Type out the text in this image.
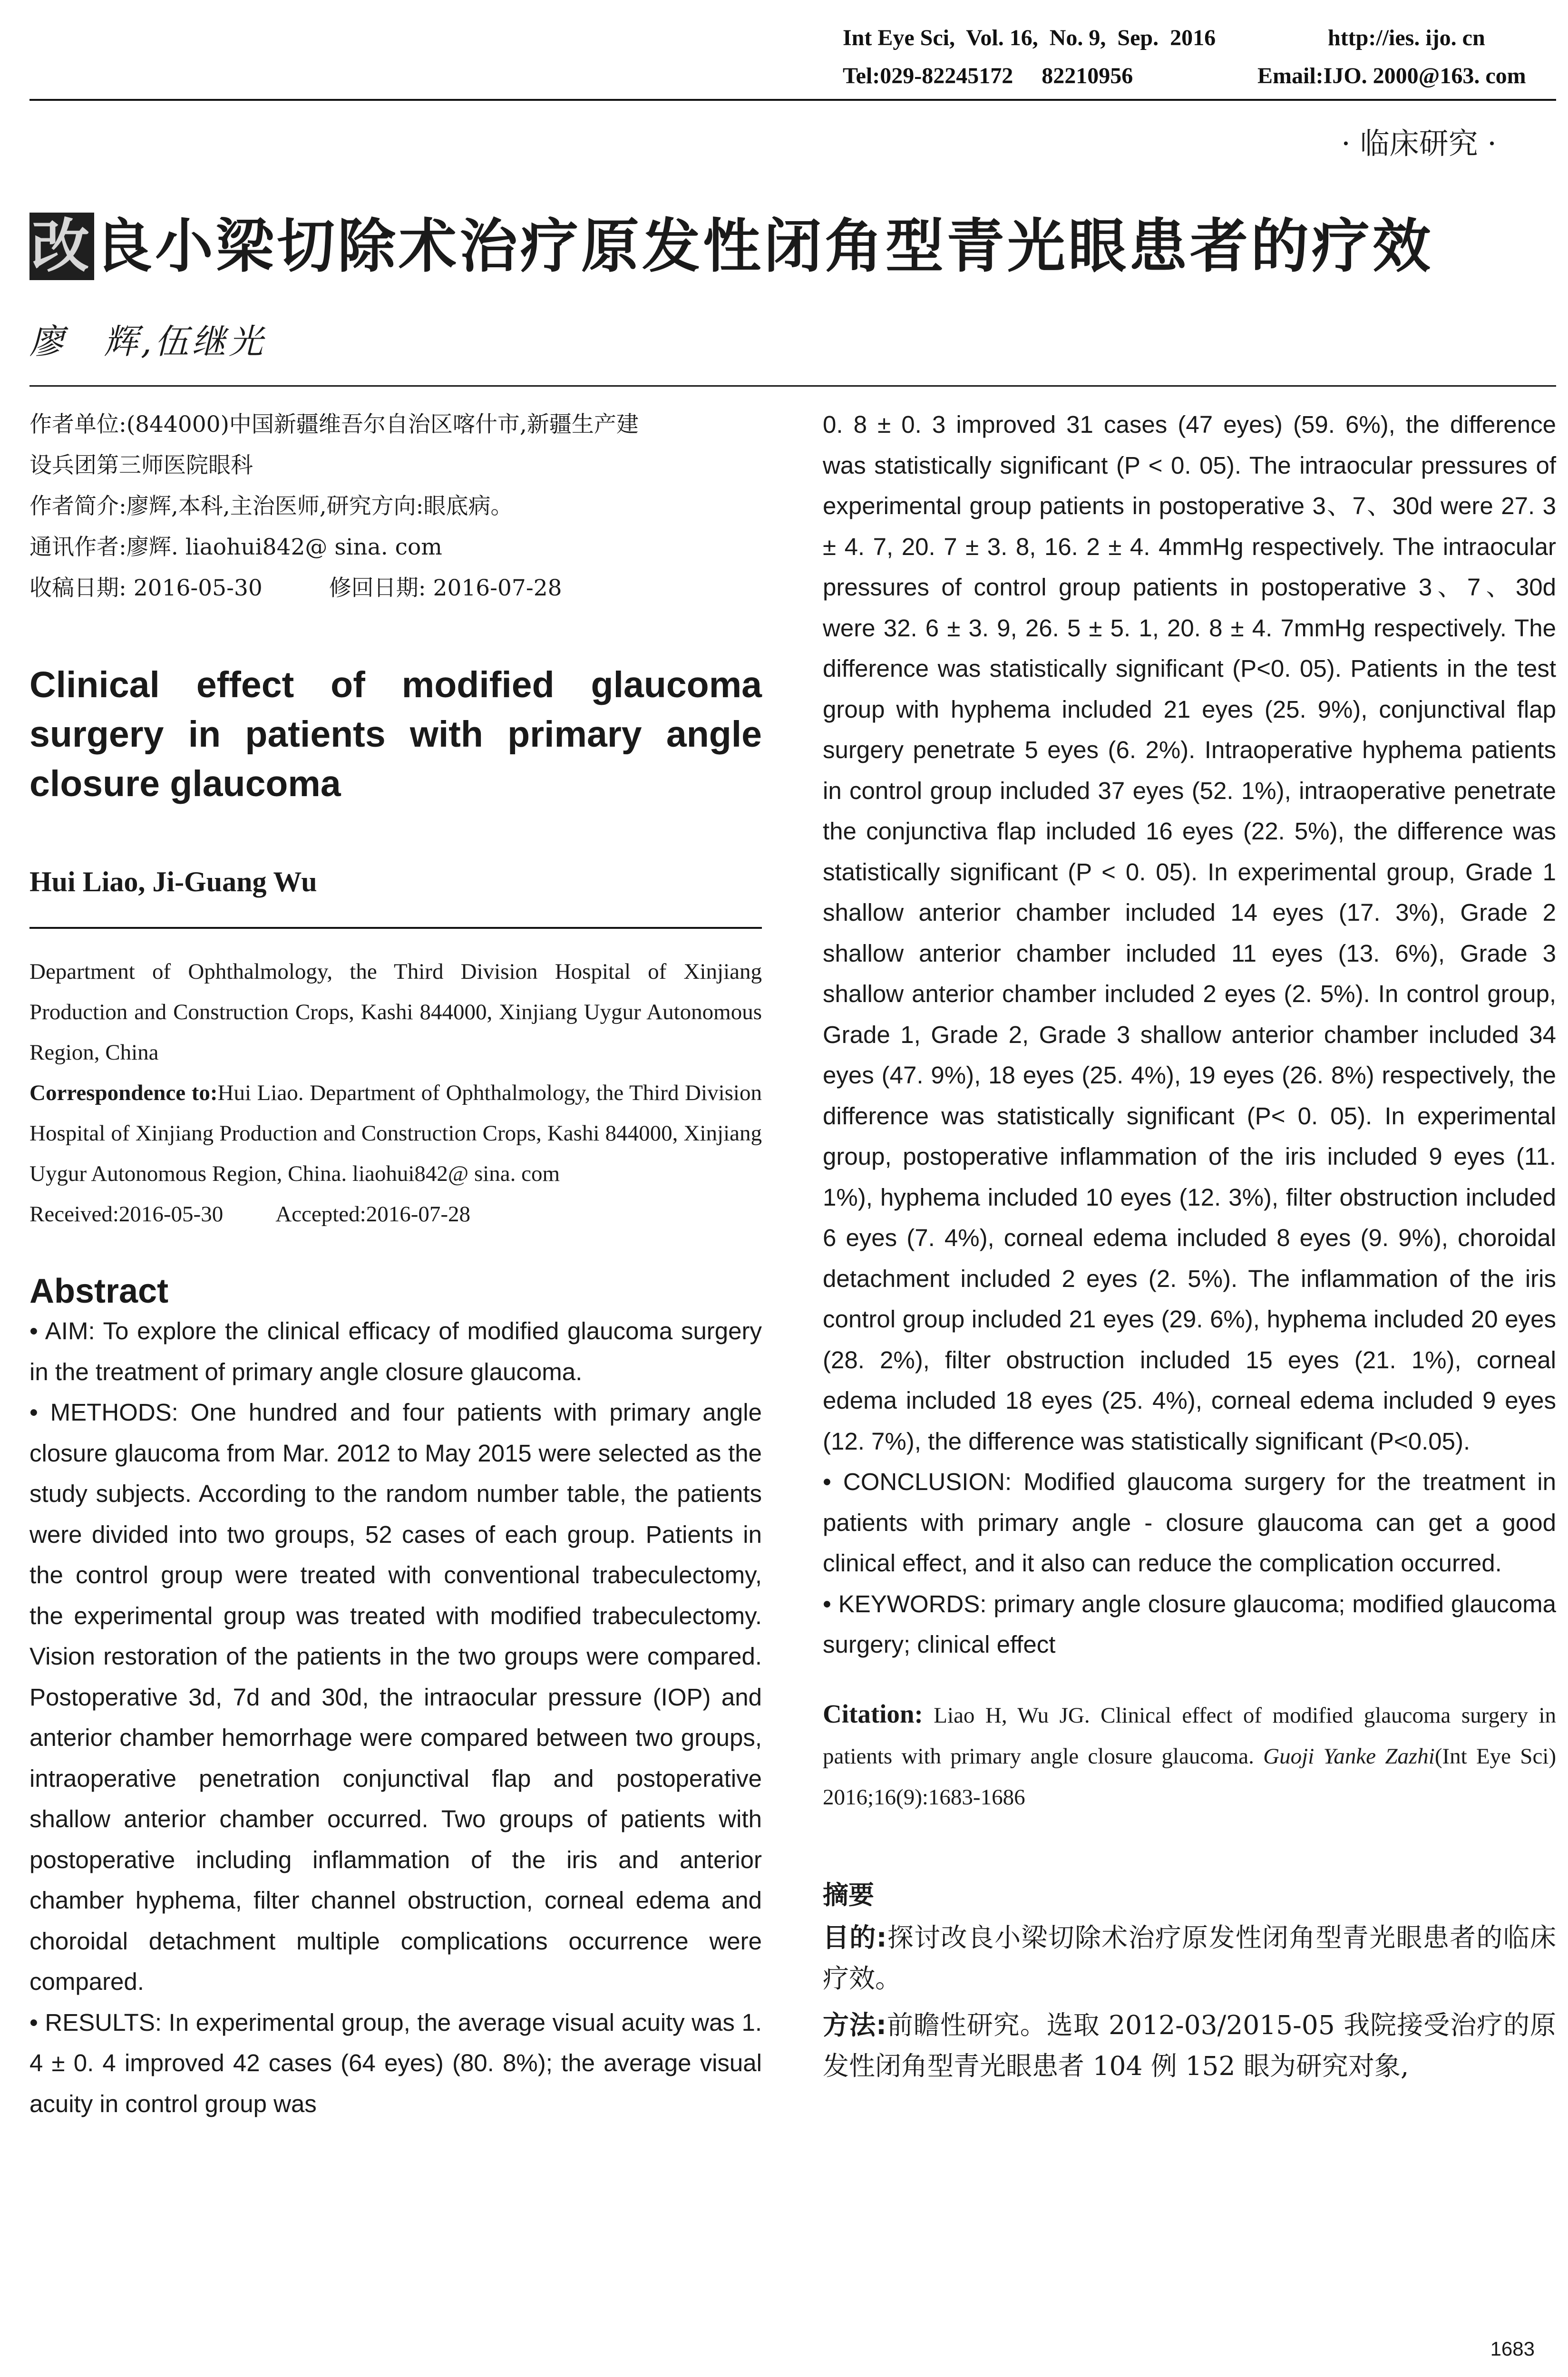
Int Eye Sci,  Vol. 16,  No. 9,  Sep.  2016	http://ies. ijo. cn
Tel:029-82245172     82210956	Email:IJO. 2000@163. com
· 临床研究 ·
改良小梁切除术治疗原发性闭角型青光眼患者的疗效
廖　辉,伍继光

作者单位:(844000)中国新疆维吾尔自治区喀什市,新疆生产建

设兵团第三师医院眼科

作者简介:廖辉,本科,主治医师,研究方向:眼底病。

通讯作者:廖辉. liaohui842@ sina. com

收稿日期: 2016-05-30	修回日期: 2016-07-28

Clinical effect of modified glaucoma surgery in patients with primary angle closure glaucoma
Hui Liao, Ji-Guang Wu
Department of Ophthalmology, the Third Division Hospital of Xinjiang Production and Construction Crops, Kashi 844000, Xinjiang Uygur Autonomous Region, China
Correspondence to:Hui Liao. Department of Ophthalmology, the Third Division Hospital of Xinjiang Production and Construction Crops, Kashi 844000, Xinjiang Uygur Autonomous Region, China. liaohui842@ sina. com
Received:2016-05-30 Accepted:2016-07-28
Abstract

• AIM: To explore the clinical efficacy of modified glaucoma surgery in the treatment of primary angle closure glaucoma.

• METHODS: One hundred and four patients with primary angle closure glaucoma from Mar. 2012 to May 2015 were selected as the study subjects. According to the random number table, the patients were divided into two groups, 52 cases of each group. Patients in the control group were treated with conventional trabeculectomy, the experimental group was treated with modified trabeculectomy. Vision restoration of the patients in the two groups were compared. Postoperative 3d, 7d and 30d, the intraocular pressure (IOP) and anterior chamber hemorrhage were compared between two groups, intraoperative penetration conjunctival flap and postoperative shallow anterior chamber occurred. Two groups of patients with postoperative including inflammation of the iris and anterior chamber hyphema, filter channel obstruction, corneal edema and choroidal detachment multiple complications occurrence were compared.

• RESULTS: In experimental group, the average visual acuity was 1. 4 ± 0. 4 improved 42 cases (64 eyes) (80. 8%); the average visual acuity in control group was

0. 8 ± 0. 3 improved 31 cases (47 eyes) (59. 6%), the difference was statistically significant (P < 0. 05). The intraocular pressures of experimental group patients in postoperative 3、7、30d were 27. 3 ± 4. 7, 20. 7 ± 3. 8, 16. 2 ± 4. 4mmHg respectively. The intraocular pressures of control group patients in postoperative 3、7、30d were 32. 6 ± 3. 9, 26. 5 ± 5. 1, 20. 8 ± 4. 7mmHg respectively. The difference was statistically significant (P<0. 05). Patients in the test group with hyphema included 21 eyes (25. 9%), conjunctival flap surgery penetrate 5 eyes (6. 2%). Intraoperative hyphema patients in control group included 37 eyes (52. 1%), intraoperative penetrate the conjunctiva flap included 16 eyes (22. 5%), the difference was statistically significant (P < 0. 05). In experimental group, Grade 1 shallow anterior chamber included 14 eyes (17. 3%), Grade 2 shallow anterior chamber included 11 eyes (13. 6%), Grade 3 shallow anterior chamber included 2 eyes (2. 5%). In control group, Grade 1, Grade 2, Grade 3 shallow anterior chamber included 34 eyes (47. 9%), 18 eyes (25. 4%), 19 eyes (26. 8%) respectively, the difference was statistically significant (P< 0. 05). In experimental group, postoperative inflammation of the iris included 9 eyes (11. 1%), hyphema included 10 eyes (12. 3%), filter obstruction included 6 eyes (7. 4%), corneal edema included 8 eyes (9. 9%), choroidal detachment included 2 eyes (2. 5%). The inflammation of the iris control group included 21 eyes (29. 6%), hyphema included 20 eyes (28. 2%), filter obstruction included 15 eyes (21. 1%), corneal edema included 18 eyes (25. 4%), corneal edema included 9 eyes (12. 7%), the difference was statistically significant (P<0.05).

• CONCLUSION: Modified glaucoma surgery for the treatment in patients with primary angle - closure glaucoma can get a good clinical effect, and it also can reduce the complication occurred.

• KEYWORDS: primary angle closure glaucoma; modified glaucoma surgery; clinical effect

Citation: Liao H, Wu JG. Clinical effect of modified glaucoma surgery in patients with primary angle closure glaucoma. Guoji Yanke Zazhi(Int Eye Sci) 2016;16(9):1683-1686
摘要

目的:探讨改良小梁切除术治疗原发性闭角型青光眼患者的临床疗效。

方法:前瞻性研究。选取 2012-03/2015-05 我院接受治疗的原发性闭角型青光眼患者 104 例 152 眼为研究对象,

1683
